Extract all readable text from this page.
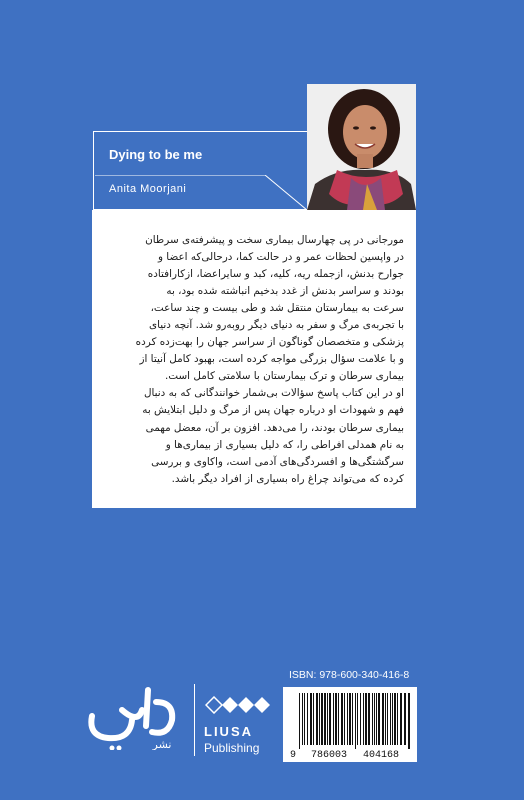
Dying to be me
Anita Moorjani

مورجانی در پی چهارسال بیماری سخت و پیشرفته‌ی سرطان

در واپسین لحظات عمر و در حالت کما، درحالی‌که اعضا و

جوارح بدنش، ازجمله ریه، کلیه، کبد و سایراعضا، ازکارافتاده

بودند و سراسر بدنش از غدد بدخیم انباشته شده بود، به

سرعت به بیمارستان منتقل شد و طی بیست و چند ساعت،

با تجربه‌ی مرگ و سفر به دنیای دیگر روبه‌رو شد. آنچه دنیای

پزشکی و متخصصان گوناگون از سراسر جهان را بهت‌زده کرده

و با علامت سؤال بزرگی مواجه کرده است، بهبود کامل آنیتا از

بیماری سرطان و ترک بیمارستان با سلامتی کامل است.

او در این کتاب پاسخ سؤالات بی‌شمار خوانندگانی که به دنبال

فهم و شهودات او درباره جهان پس از مرگ و دلیل ابتلایش به

بیماری سرطان بودند، را می‌دهد. افزون بر آن، معضل مهمی

به نام همدلی افراطی را، که دلیل بسیاری از بیماری‌ها و

سرگشتگی‌ها و افسردگی‌های آدمی است، واکاوی و بررسی

کرده که می‌تواند چراغ راه بسیاری از افراد دیگر باشد.

نشر
LIUSA
Publishing
ISBN: 978-600-340-416-8
9 786003 404168
